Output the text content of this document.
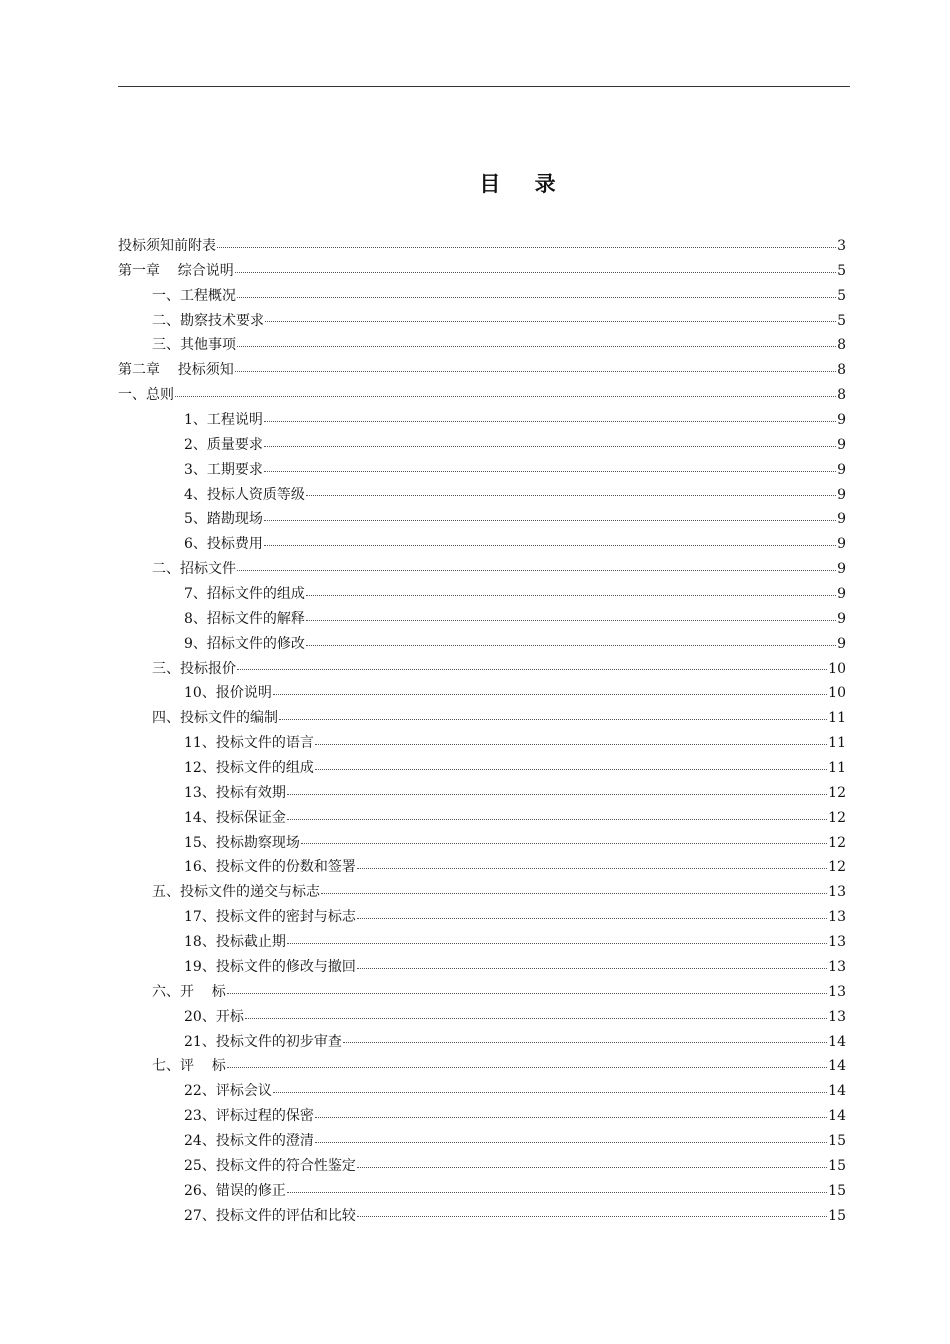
目    录
投标须知前附表	3
第一章    综合说明	5
一、工程概况	5
二、勘察技术要求	5
三、其他事项	8
第二章    投标须知	8
一、总则	8
1、工程说明	9
2、质量要求	9
3、工期要求	9
4、投标人资质等级	9
5、踏勘现场	9
6、投标费用	9
二、招标文件	9
7、招标文件的组成	9
8、招标文件的解释	9
9、招标文件的修改	9
三、投标报价	10
10、报价说明	10
四、投标文件的编制	11
11、投标文件的语言	11
12、投标文件的组成	11
13、投标有效期	12
14、投标保证金	12
15、投标勘察现场	12
16、投标文件的份数和签署	12
五、投标文件的递交与标志	13
17、投标文件的密封与标志	13
18、投标截止期	13
19、投标文件的修改与撤回	13
六、开    标	13
20、开标	13
21、投标文件的初步审查	14
七、评    标	14
22、评标会议	14
23、评标过程的保密	14
24、投标文件的澄清	15
25、投标文件的符合性鉴定	15
26、错误的修正	15
27、投标文件的评估和比较	15
